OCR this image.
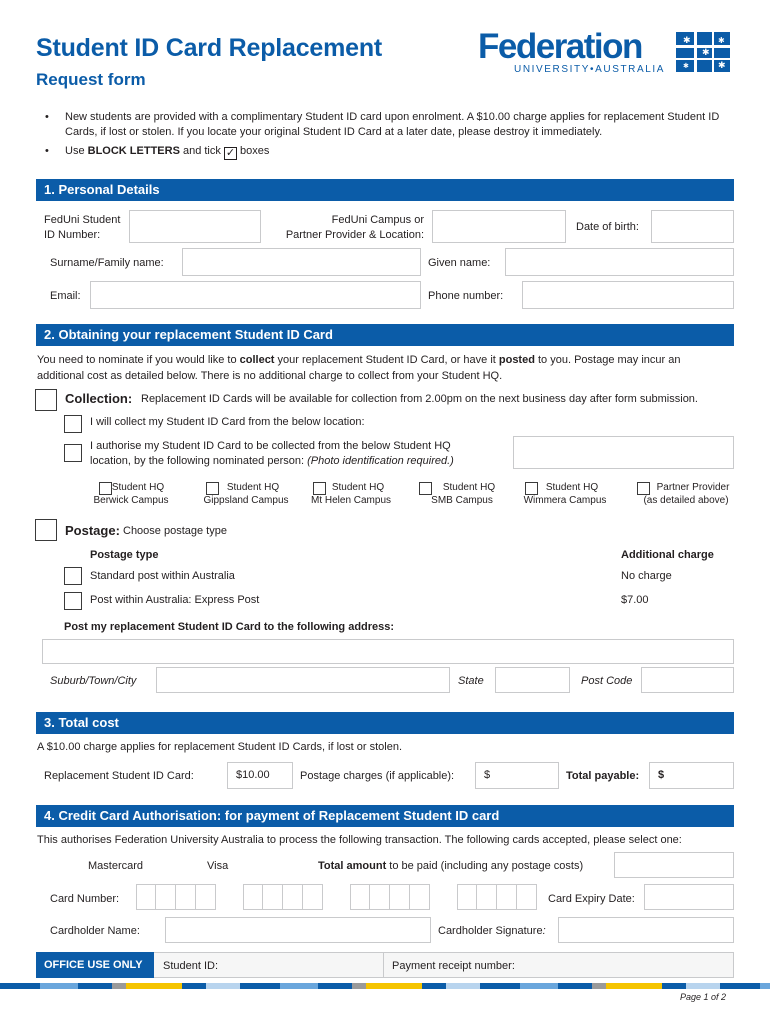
Student ID Card Replacement
Request form
Federation
UNIVERSITY•AUSTRALIA
✱
✱
✱
✱
✱
• New students are provided with a complimentary Student ID card upon enrolment. A $10.00 charge applies for replacement Student ID Cards, if lost or stolen. If you locate your original Student ID Card at a later date, please destroy it immediately.
• Use BLOCK LETTERS and tick ✓ boxes
1. Personal Details
FedUni Student
ID Number:
FedUni Campus or
Partner Provider & Location:
Date of birth:
Surname/Family name:	Given name:
Email:	Phone number:
2. Obtaining your replacement Student ID Card
You need to nominate if you would like to collect your replacement Student ID Card, or have it posted to you. Postage may incur an
additional cost as detailed below. There is no additional charge to collect from your Student HQ.
Collection: Replacement ID Cards will be available for collection from 2.00pm on the next business day after form submission.
I will collect my Student ID Card from the below location:
I authorise my Student ID Card to be collected from the below Student HQ
location, by the following nominated person: (Photo identification required.)
Student HQ
Berwick Campus
Student HQ
Gippsland Campus
Student HQ
Mt Helen Campus
Student HQ
SMB Campus
Student HQ
Wimmera Campus
Partner Provider
(as detailed above)
Postage: Choose postage type
Postage type	Additional charge
Standard post within Australia	No charge
Post within Australia: Express Post	$7.00
Post my replacement Student ID Card to the following address:
Suburb/Town/City	State	Post Code
3. Total cost
A $10.00 charge applies for replacement Student ID Cards, if lost or stolen.
Replacement Student ID Card:	$10.00	Postage charges (if applicable):	$	Total payable:	$
4. Credit Card Authorisation: for payment of Replacement Student ID card
This authorises Federation University Australia to process the following transaction. The following cards accepted, please select one:
Mastercard	Visa	Total amount to be paid (including any postage costs)
Card Number:	Card Expiry Date:
Cardholder Name:	Cardholder Signature:
OFFICE USE ONLY	Student ID:	Payment receipt number:
Page 1 of 2
